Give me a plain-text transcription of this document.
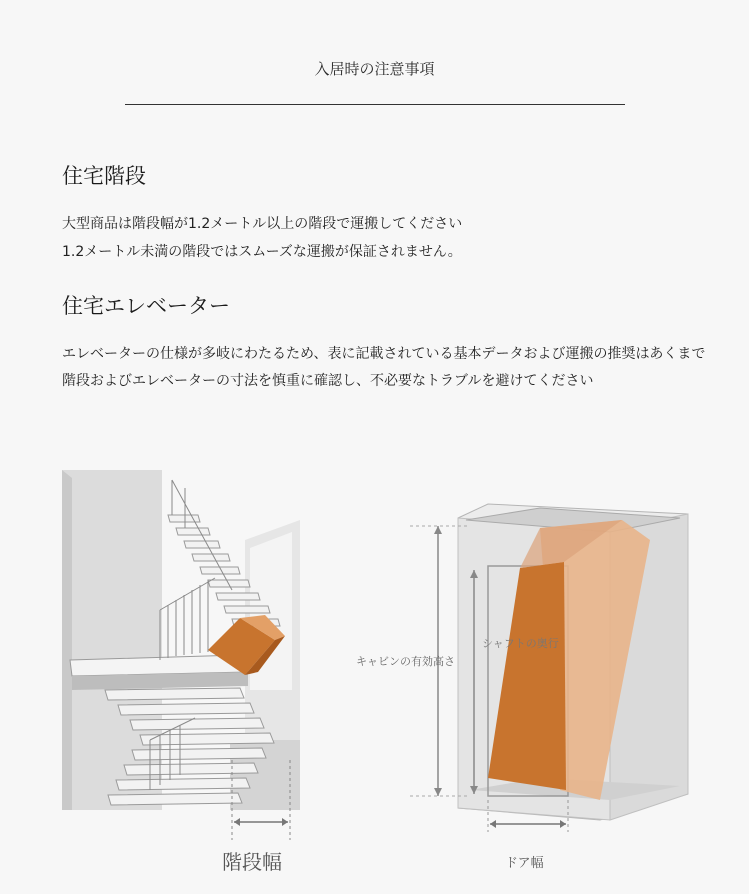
入居時の注意事項
住宅階段
大型商品は階段幅が1.2メートル以上の階段で運搬してください
1.2メートル未満の階段ではスムーズな運搬が保証されません。
住宅エレベーター
エレベーターの仕様が多岐にわたるため、表に記載されている基本データおよび運搬の推奨はあくまで
階段およびエレベーターの寸法を慎重に確認し、不必要なトラブルを避けてください
キャビンの有効高さ
シャフトの奥行
階段幅	ドア幅
